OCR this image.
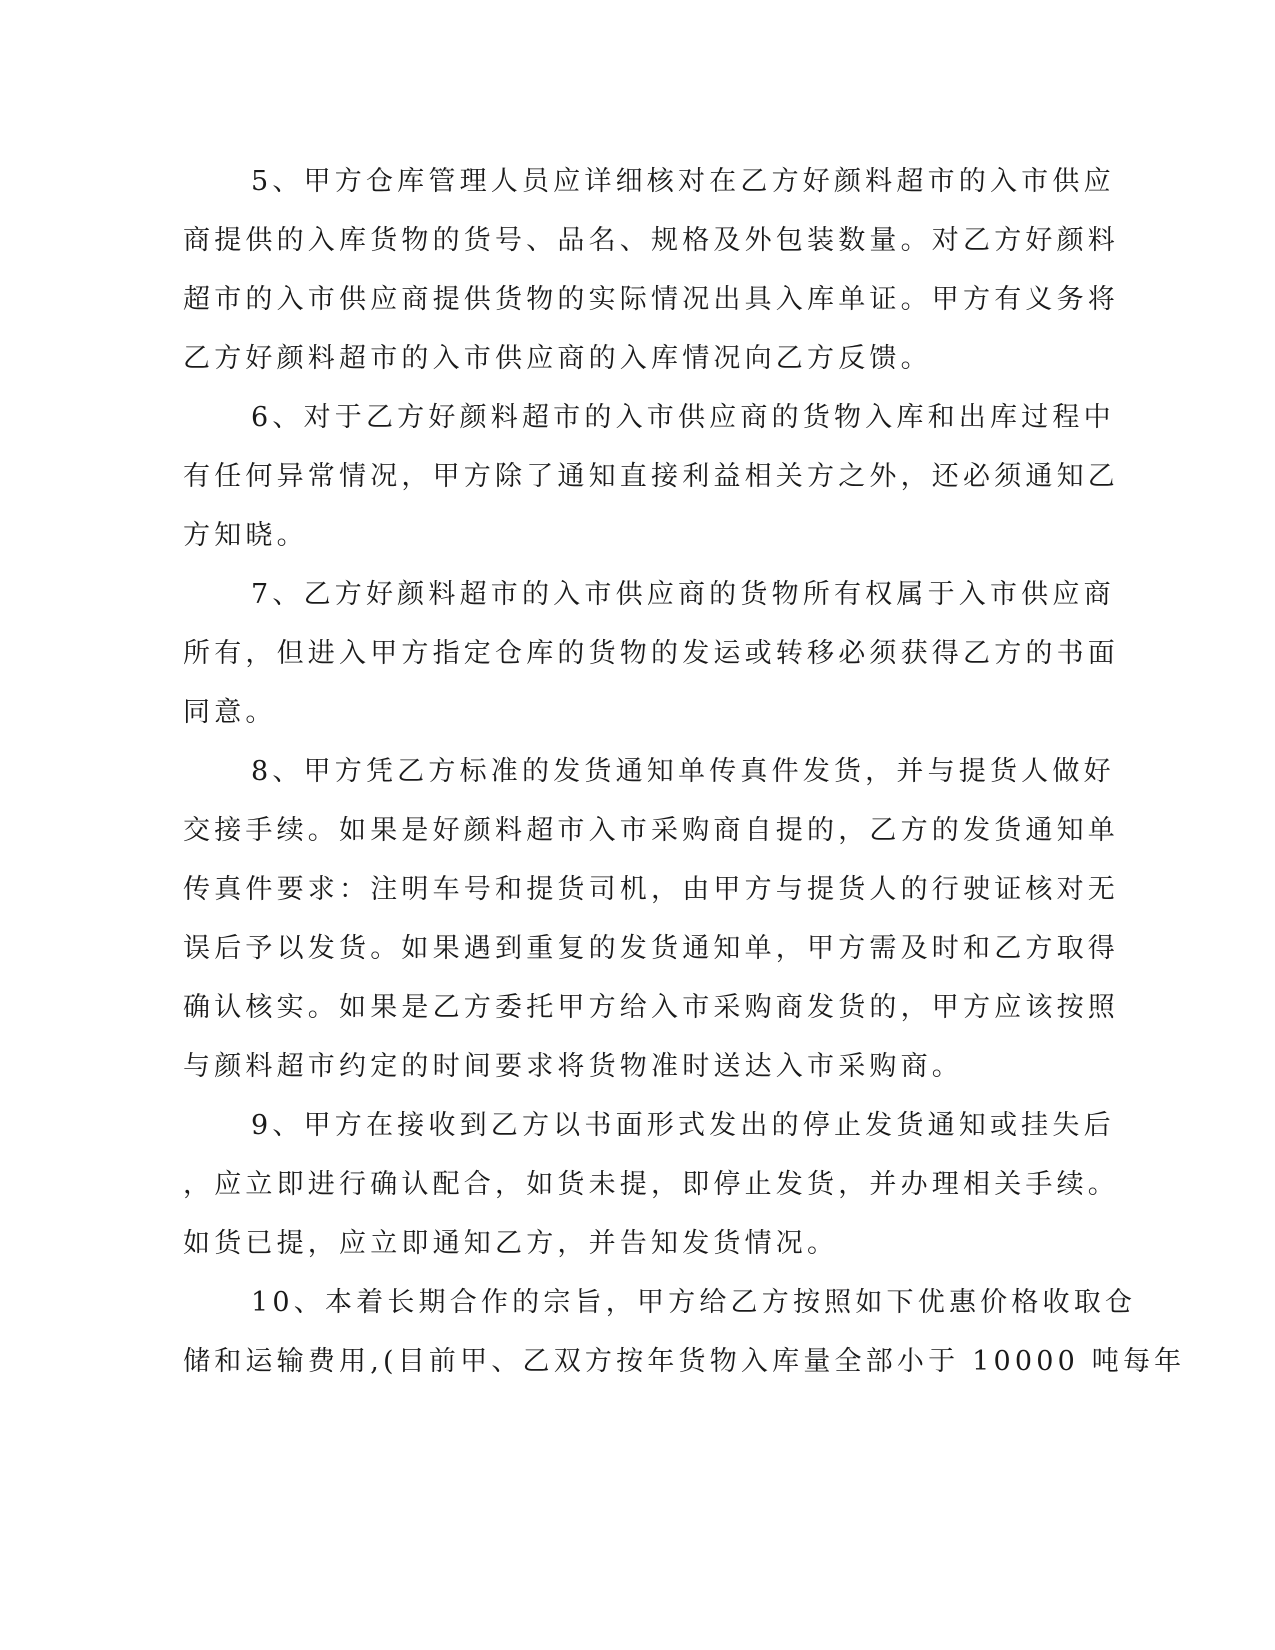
5、甲方仓库管理人员应详细核对在乙方好颜料超市的入市供应
商提供的入库货物的货号、品名、规格及外包装数量。对乙方好颜料
超市的入市供应商提供货物的实际情况出具入库单证。甲方有义务将
乙方好颜料超市的入市供应商的入库情况向乙方反馈。
6、对于乙方好颜料超市的入市供应商的货物入库和出库过程中
有任何异常情况，甲方除了通知直接利益相关方之外，还必须通知乙
方知晓。
7、乙方好颜料超市的入市供应商的货物所有权属于入市供应商
所有，但进入甲方指定仓库的货物的发运或转移必须获得乙方的书面
同意。
8、甲方凭乙方标准的发货通知单传真件发货，并与提货人做好
交接手续。如果是好颜料超市入市采购商自提的，乙方的发货通知单
传真件要求：注明车号和提货司机，由甲方与提货人的行驶证核对无
误后予以发货。如果遇到重复的发货通知单，甲方需及时和乙方取得
确认核实。如果是乙方委托甲方给入市采购商发货的，甲方应该按照
与颜料超市约定的时间要求将货物准时送达入市采购商。
9、甲方在接收到乙方以书面形式发出的停止发货通知或挂失后
，应立即进行确认配合，如货未提，即停止发货，并办理相关手续。
如货已提，应立即通知乙方，并告知发货情况。
10、本着长期合作的宗旨，甲方给乙方按照如下优惠价格收取仓
储和运输费用,(目前甲、乙双方按年货物入库量全部小于 10000 吨每年
